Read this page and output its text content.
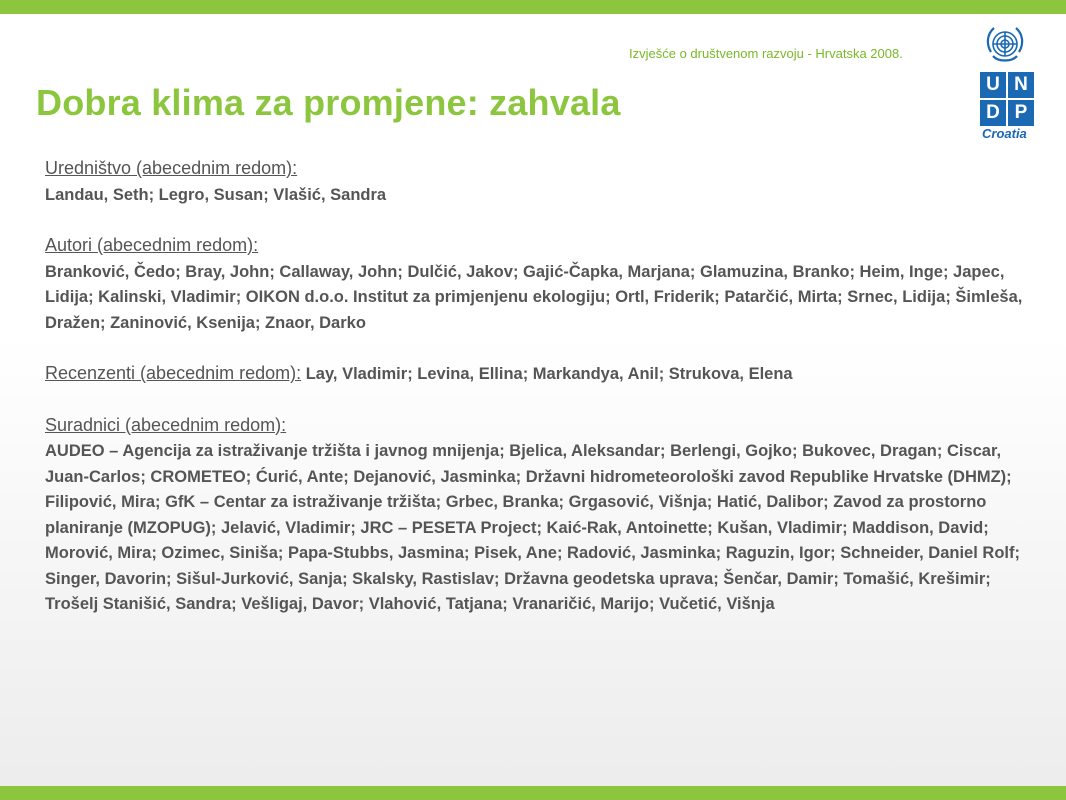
Izvješće o društvenom razvoju - Hrvatska 2008.
Dobra klima za promjene: zahvala	U N
D P
Croatia
Uredništvo (abecednim redom):
Landau, Seth; Legro, Susan; Vlašić, Sandra
Autori (abecednim redom):
Branković, Čedo; Bray, John; Callaway, John; Dulčić, Jakov; Gajić-Čapka, Marjana; Glamuzina, Branko; Heim, Inge; Japec, Lidija; Kalinski, Vladimir; OIKON d.o.o. Institut za primjenjenu ekologiju; Ortl, Friderik; Patarčić, Mirta; Srnec, Lidija; Šimleša, Dražen; Zaninović, Ksenija; Znaor, Darko
Recenzenti (abecednim redom): Lay, Vladimir; Levina, Ellina; Markandya, Anil; Strukova, Elena
Suradnici (abecednim redom):
AUDEO – Agencija za istraživanje tržišta i javnog mnijenja; Bjelica, Aleksandar; Berlengi, Gojko; Bukovec, Dragan; Ciscar, Juan-Carlos; CROMETEO; Ćurić, Ante; Dejanović, Jasminka; Državni hidrometeorološki zavod Republike Hrvatske (DHMZ); Filipović, Mira; GfK – Centar za istraživanje tržišta; Grbec, Branka; Grgasović, Višnja; Hatić, Dalibor; Zavod za prostorno planiranje (MZOPUG); Jelavić, Vladimir; JRC – PESETA Project; Kaić-Rak, Antoinette; Kušan, Vladimir; Maddison, David; Morović, Mira; Ozimec, Siniša; Papa-Stubbs, Jasmina; Pisek, Ane; Radović, Jasminka; Raguzin, Igor; Schneider, Daniel Rolf; Singer, Davorin; Sišul-Jurković, Sanja; Skalsky, Rastislav; Državna geodetska uprava; Šenčar, Damir; Tomašić, Krešimir; Trošelj Stanišić, Sandra; Vešligaj, Davor; Vlahović, Tatjana; Vranaričić, Marijo; Vučetić, Višnja
